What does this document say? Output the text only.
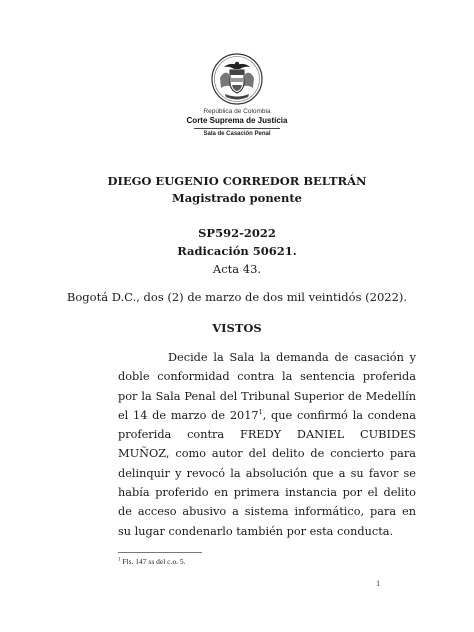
República de Colombia
Corte Suprema de Justicia
Sala de Casación Penal
DIEGO EUGENIO CORREDOR BELTRÁN
Magistrado ponente
SP592-2022
Radicación 50621.
Acta 43.
Bogotá D.C., dos (2) de marzo de dos mil veintidós (2022).
VISTOS
Decide la Sala la demanda de casación y doble conformidad contra la sentencia proferida por la Sala Penal del Tribunal Superior de Medellín el 14 de marzo de 2017$^1$, que confirmó la condena proferida contra FREDY DANIEL CUBIDES MUÑOZ, como autor del delito de concierto para delinquir y revocó la absolución que a su favor se había proferido en primera instancia por el delito de acceso abusivo a sistema informático, para en su lugar condenarlo también por esta conducta.
$^1$ Fls. 147 ss del c.o. 5.
1
